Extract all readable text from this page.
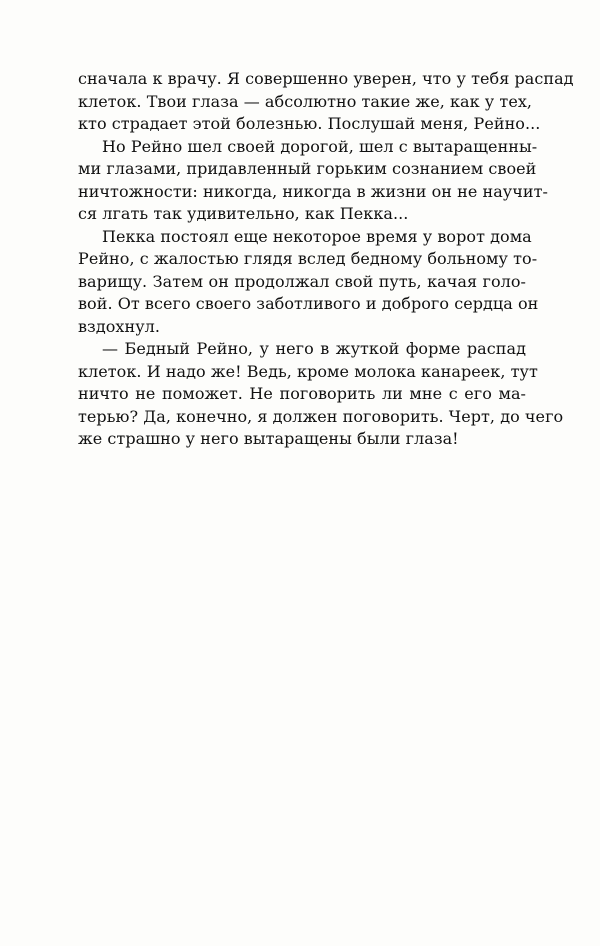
сначала к врачу. Я совершенно уверен, что у тебя распад
клеток. Твои глаза — абсолютно такие же, как у тех,
кто страдает этой болезнью. Послушай меня, Рейно...
Но Рейно шел своей дорогой, шел с вытаращенны-
ми глазами, придавленный горьким сознанием своей
ничтожности: никогда, никогда в жизни он не научит-
ся лгать так удивительно, как Пекка...
Пекка постоял еще некоторое время у ворот дома
Рейно, с жалостью глядя вслед бедному больному то-
варищу. Затем он продолжал свой путь, качая голо-
вой. От всего своего заботливого и доброго сердца он
вздохнул.
— Бедный Рейно, у него в жуткой форме распад
клеток. И надо же! Ведь, кроме молока канареек, тут
ничто не поможет. Не поговорить ли мне с его ма-
терью? Да, конечно, я должен поговорить. Черт, до чего
же страшно у него вытаращены были глаза!
